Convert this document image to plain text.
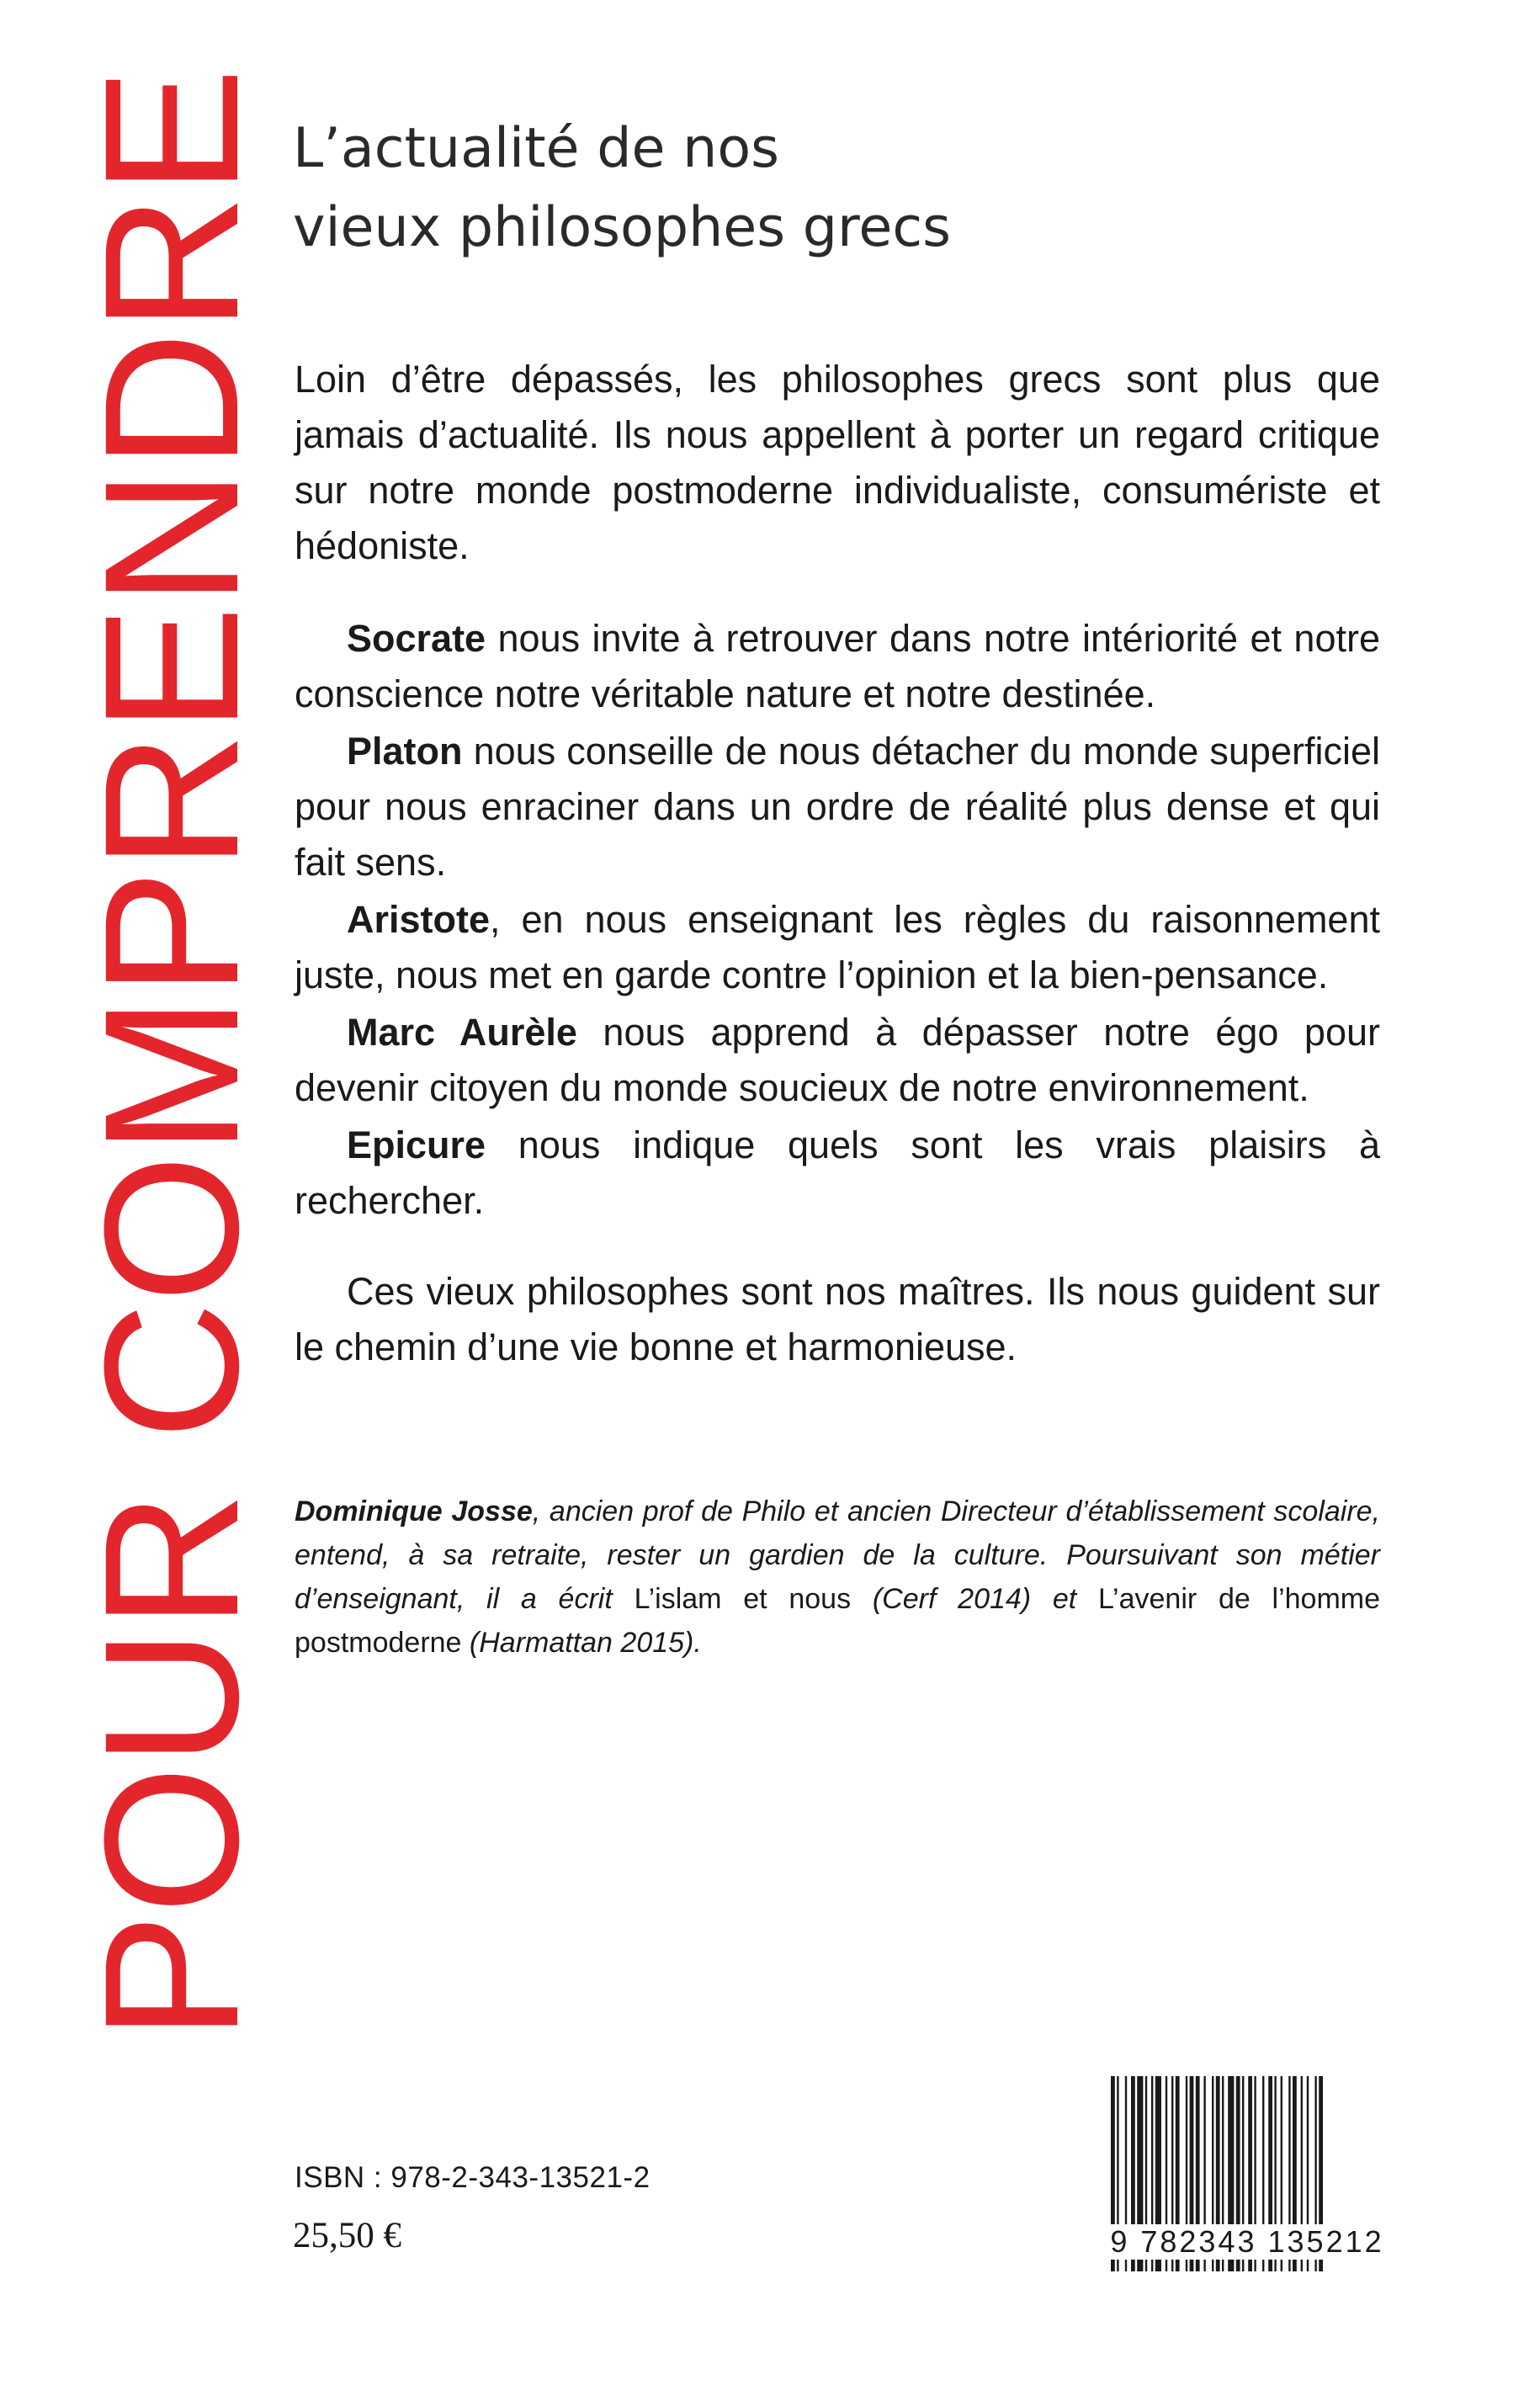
POUR COMPRENDRE L’actualité de nos
vieux philosophes grecs

Loin d’être dépassés, les philosophes grecs sont plus que jamais d’actualité. Ils nous appellent à porter un regard critique sur notre monde postmoderne individualiste, consumériste et hédoniste.

Socrate nous invite à retrouver dans notre intériorité et notre conscience notre véritable nature et notre destinée.

Platon nous conseille de nous détacher du monde superficiel pour nous enraciner dans un ordre de réalité plus dense et qui fait sens.

Aristote, en nous enseignant les règles du raisonnement juste, nous met en garde contre l’opinion et la bien-pensance.

Marc Aurèle nous apprend à dépasser notre égo pour devenir citoyen du monde soucieux de notre environnement.

Epicure nous indique quels sont les vrais plaisirs à rechercher.

Ces vieux philosophes sont nos maîtres. Ils nous guident sur le chemin d’une vie bonne et harmonieuse.

Dominique Josse, ancien prof de Philo et ancien Directeur d’établissement scolaire, entend, à sa retraite, rester un gardien de la culture. Poursuivant son métier d’enseignant, il a écrit L’islam et nous (Cerf 2014) et L’avenir de l’homme postmoderne (Harmattan 2015).
ISBN : 978-2-343-13521-2
25,50 €	9 782343 135212
